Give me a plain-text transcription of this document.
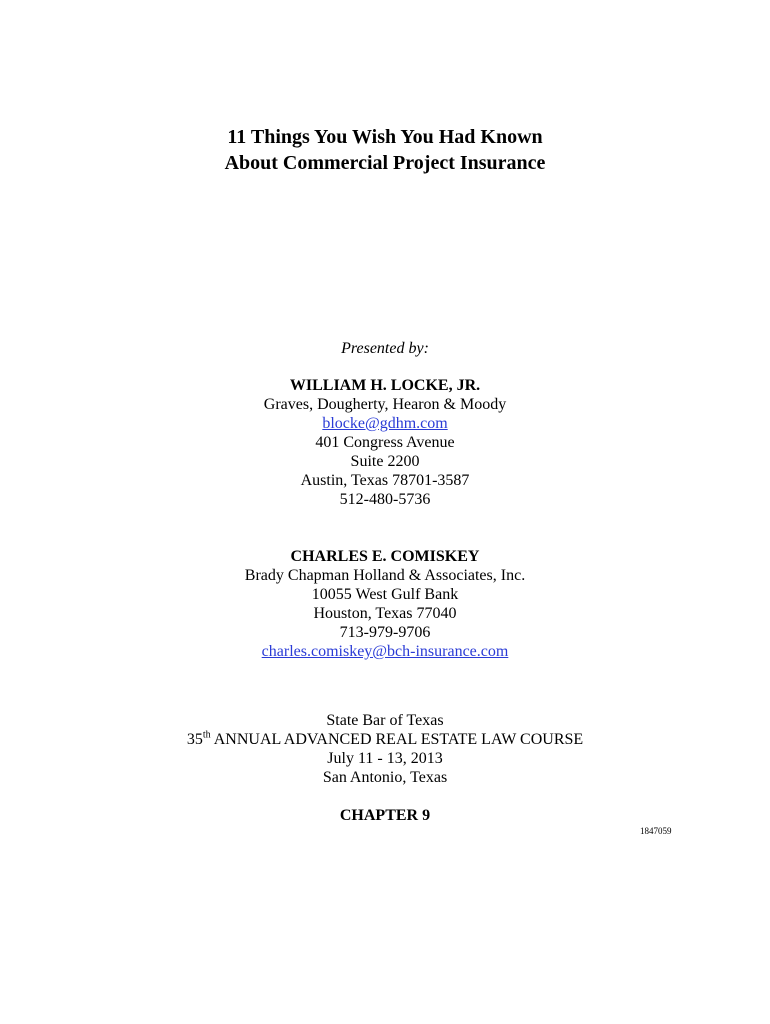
11 Things You Wish You Had Known
About Commercial Project Insurance
Presented by:
WILLIAM H. LOCKE, JR.
Graves, Dougherty, Hearon & Moody
blocke@gdhm.com
401 Congress Avenue
Suite 2200
Austin, Texas 78701-3587
512-480-5736
CHARLES E. COMISKEY
Brady Chapman Holland & Associates, Inc.
10055 West Gulf Bank
Houston, Texas 77040
713-979-9706
charles.comiskey@bch-insurance.com
State Bar of Texas
35th ANNUAL ADVANCED REAL ESTATE LAW COURSE
July 11 - 13, 2013
San Antonio, Texas
CHAPTER 9
1847059
